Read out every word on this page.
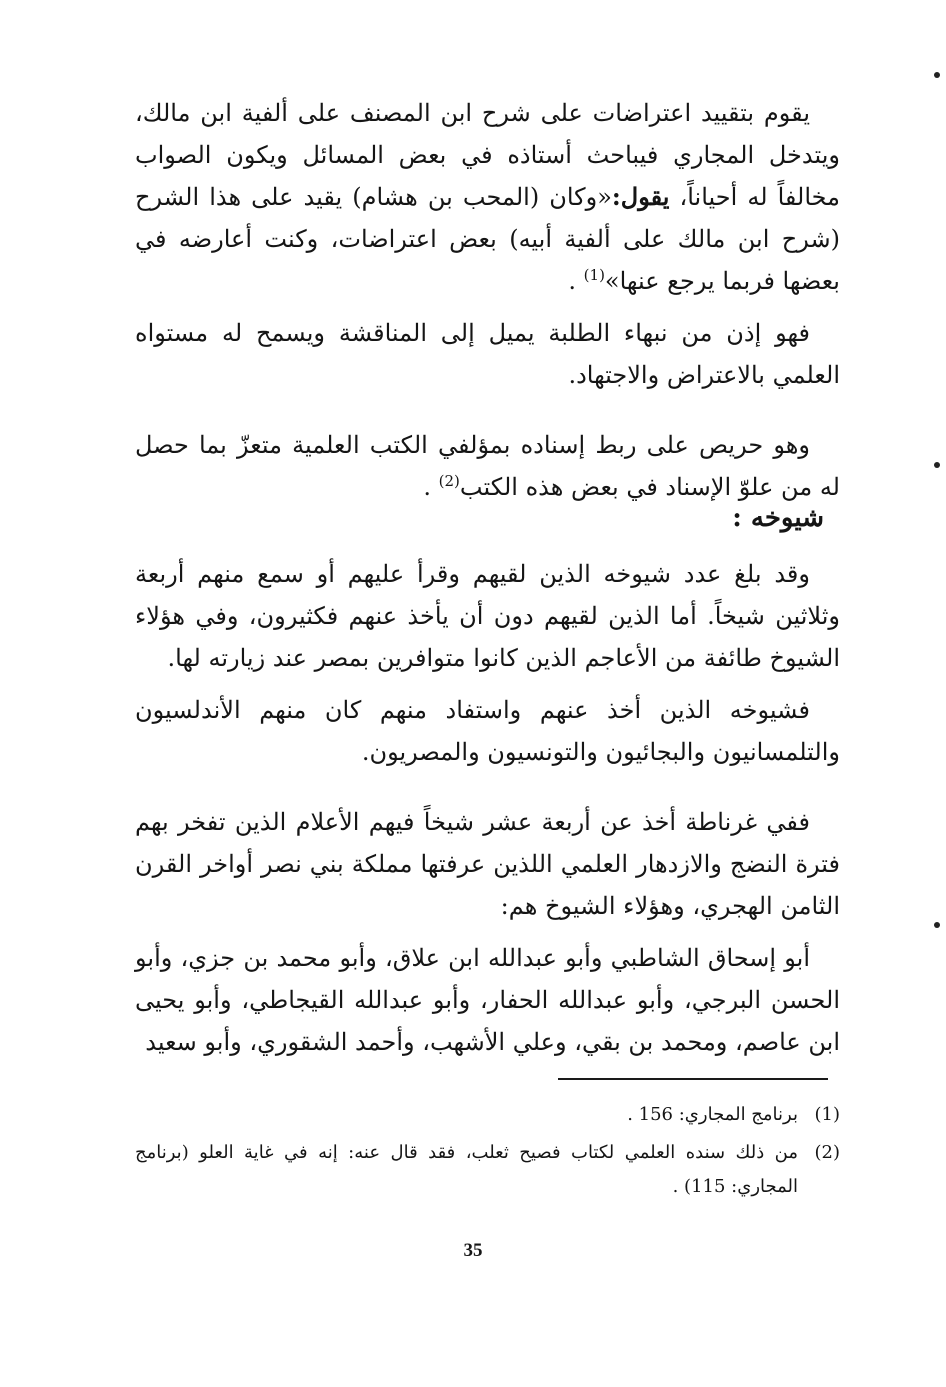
يقوم بتقييد اعتراضات على شرح ابن المصنف على ألفية ابن مالك، ويتدخل المجاري فيباحث أستاذه في بعض المسائل ويكون الصواب مخالفاً له أحياناً، يقول:«وكان (المحب بن هشام) يقيد على هذا الشرح (شرح ابن مالك على ألفية أبيه) بعض اعتراضات، وكنت أعارضه في بعضها فربما يرجع عنها»$^{(1)}$ .

فهو إذن من نبهاء الطلبة يميل إلى المناقشة ويسمح له مستواه العلمي بالاعتراض والاجتهاد.

وهو حريص على ربط إسناده بمؤلفي الكتب العلمية متعزّ بما حصل له من علوّ الإسناد في بعض هذه الكتب$^{(2)}$ .

شيوخه :

وقد بلغ عدد شيوخه الذين لقيهم وقرأ عليهم أو سمع منهم أربعة وثلاثين شيخاً. أما الذين لقيهم دون أن يأخذ عنهم فكثيرون، وفي هؤلاء الشيوخ طائفة من الأعاجم الذين كانوا متوافرين بمصر عند زيارته لها.

فشيوخه الذين أخذ عنهم واستفاد منهم كان منهم الأندلسيون والتلمسانيون والبجائيون والتونسيون والمصريون.

ففي غرناطة أخذ عن أربعة عشر شيخاً فيهم الأعلام الذين تفخر بهم فترة النضج والازدهار العلمي اللذين عرفتها مملكة بني نصر أواخر القرن الثامن الهجري، وهؤلاء الشيوخ هم:

أبو إسحاق الشاطبي وأبو عبدالله ابن علاق، وأبو محمد بن جزي، وأبو الحسن البرجي، وأبو عبدالله الحفار، وأبو عبدالله القيجاطي، وأبو يحيى ابن عاصم، ومحمد بن بقي، وعلي الأشهب، وأحمد الشقوري، وأبو سعيد

(1)
برنامج المجاري: 156 .
(2)
من ذلك سنده العلمي لكتاب فصيح ثعلب، فقد قال عنه: إنه في غاية العلو (برنامج المجاري: 115) .
35
